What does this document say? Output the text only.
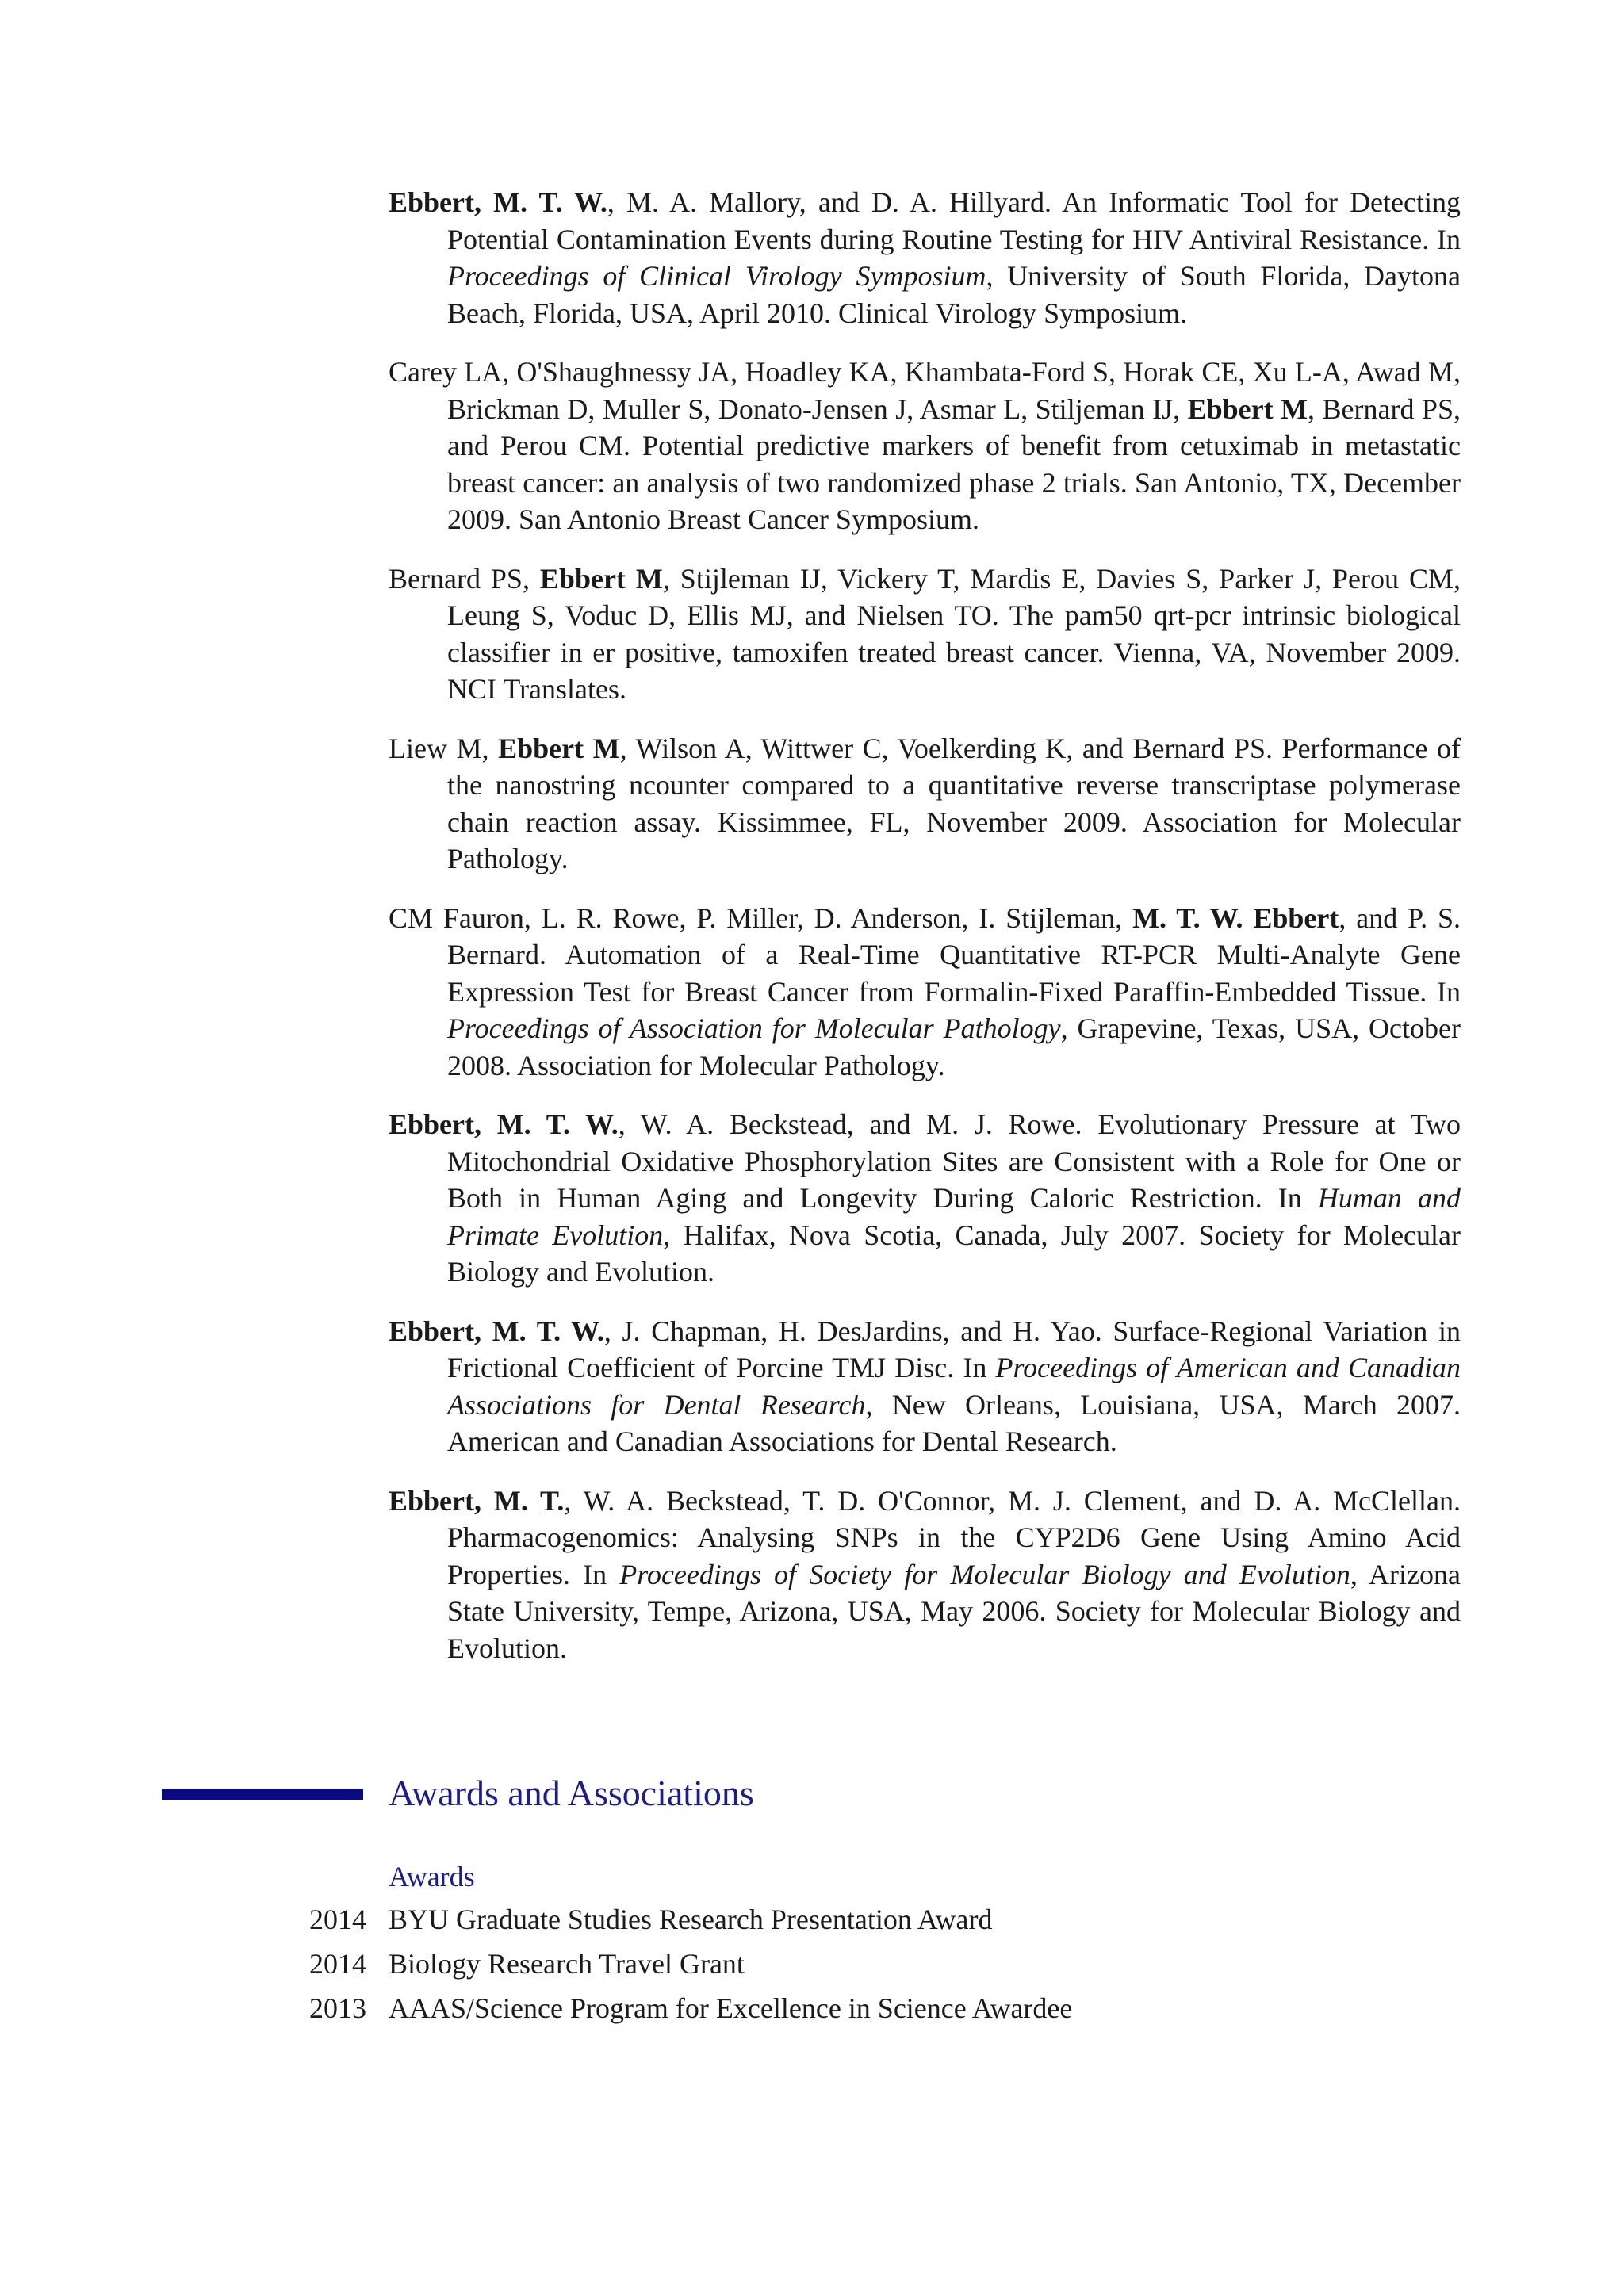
Ebbert, M. T. W., M. A. Mallory, and D. A. Hillyard. An Informatic Tool for Detecting Potential Contamination Events during Routine Testing for HIV Antiviral Resistance. In Proceedings of Clinical Virology Symposium, University of South Florida, Daytona Beach, Florida, USA, April 2010. Clinical Virology Symposium.

Carey LA, O'Shaughnessy JA, Hoadley KA, Khambata-Ford S, Horak CE, Xu L-A, Awad M, Brickman D, Muller S, Donato-Jensen J, Asmar L, Stiljeman IJ, Ebbert M, Bernard PS, and Perou CM. Potential predictive markers of benefit from cetuximab in metastatic breast cancer: an analysis of two randomized phase 2 trials. San Antonio, TX, December 2009. San Antonio Breast Cancer Symposium.

Bernard PS, Ebbert M, Stijleman IJ, Vickery T, Mardis E, Davies S, Parker J, Perou CM, Leung S, Voduc D, Ellis MJ, and Nielsen TO. The pam50 qrt-pcr intrinsic biological classifier in er positive, tamoxifen treated breast cancer. Vienna, VA, November 2009. NCI Translates.

Liew M, Ebbert M, Wilson A, Wittwer C, Voelkerding K, and Bernard PS. Performance of the nanostring ncounter compared to a quantitative reverse transcriptase polymerase chain reaction assay. Kissimmee, FL, November 2009. Association for Molecular Pathology.

CM Fauron, L. R. Rowe, P. Miller, D. Anderson, I. Stijleman, M. T. W. Ebbert, and P. S. Bernard. Automation of a Real-Time Quantitative RT-PCR Multi-Analyte Gene Expression Test for Breast Cancer from Formalin-Fixed Paraffin-Embedded Tissue. In Proceedings of Association for Molecular Pathology, Grapevine, Texas, USA, October 2008. Association for Molecular Pathology.

Ebbert, M. T. W., W. A. Beckstead, and M. J. Rowe. Evolutionary Pressure at Two Mitochondrial Oxidative Phosphorylation Sites are Consistent with a Role for One or Both in Human Aging and Longevity During Caloric Restriction. In Human and Primate Evolution, Halifax, Nova Scotia, Canada, July 2007. Society for Molecular Biology and Evolution.

Ebbert, M. T. W., J. Chapman, H. DesJardins, and H. Yao. Surface-Regional Variation in Frictional Coefficient of Porcine TMJ Disc. In Proceedings of American and Canadian Associations for Dental Research, New Orleans, Louisiana, USA, March 2007. American and Canadian Associations for Dental Research.

Ebbert, M. T., W. A. Beckstead, T. D. O'Connor, M. J. Clement, and D. A. McClellan. Pharmacogenomics: Analysing SNPs in the CYP2D6 Gene Using Amino Acid Properties. In Proceedings of Society for Molecular Biology and Evolution, Arizona State University, Tempe, Arizona, USA, May 2006. Society for Molecular Biology and Evolution.

Awards and Associations
Awards
2014 BYU Graduate Studies Research Presentation Award
2014 Biology Research Travel Grant
2013 AAAS/Science Program for Excellence in Science Awardee
